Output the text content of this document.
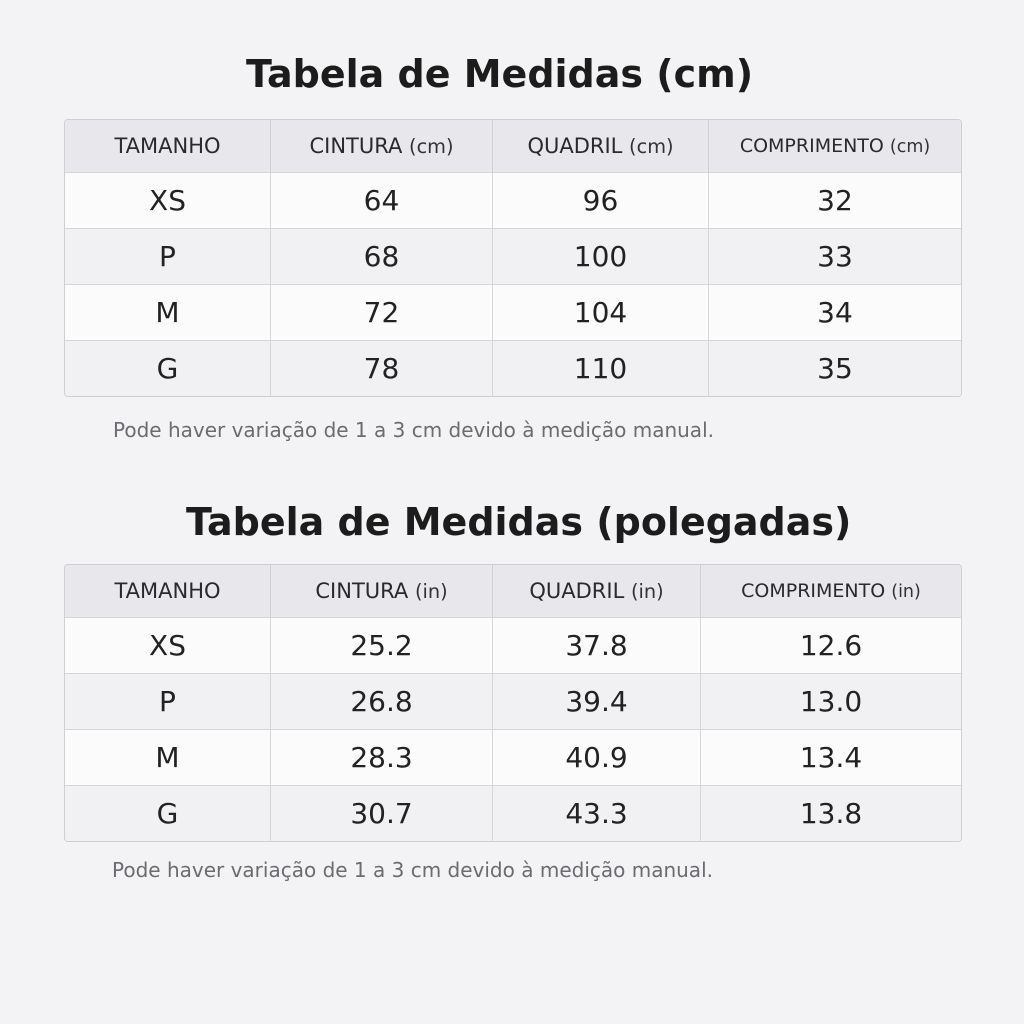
Tabela de Medidas (cm)
TAMANHO	CINTURA (cm)	QUADRIL (cm)	COMPRIMENTO (cm)
XS	64	96	32
P	68	100	33
M	72	104	34
G	78	110	35

Pode haver variação de 1 a 3 cm devido à medição manual.

Tabela de Medidas (polegadas)
TAMANHO	CINTURA (in)	QUADRIL (in)	COMPRIMENTO (in)
XS	25.2	37.8	12.6
P	26.8	39.4	13.0
M	28.3	40.9	13.4
G	30.7	43.3	13.8

Pode haver variação de 1 a 3 cm devido à medição manual.
